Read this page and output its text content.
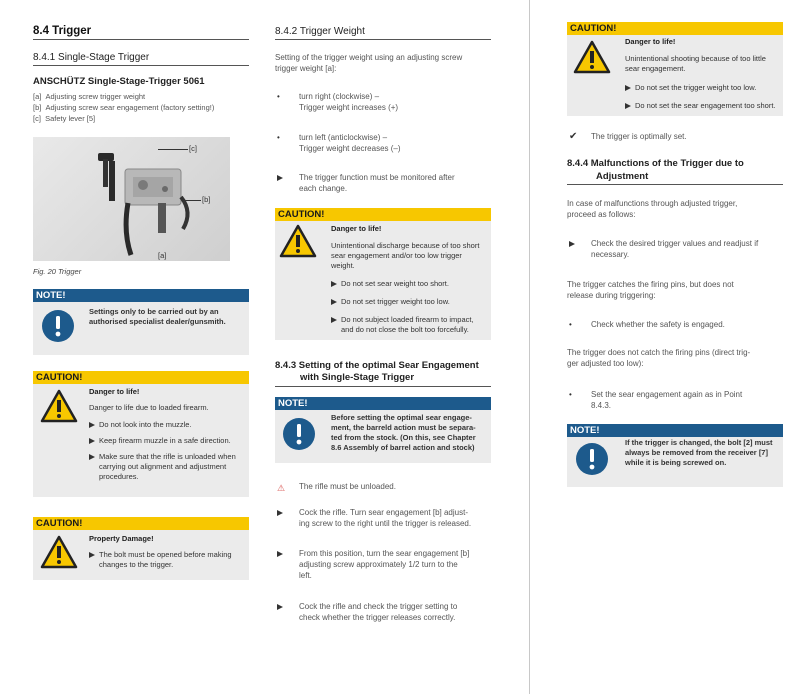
8.4 Trigger
8.4.1 Single-Stage Trigger
ANSCHÜTZ Single-Stage-Trigger 5061
[a] Adjusting screw trigger weight
[b] Adjusting screw sear engagement (factory setting!)
[c] Safety lever [5]
[c]
[b]
[a]
Fig. 20 Trigger
NOTE!
Settings only to be carried out by an
authorised specialist dealer/gunsmith.
CAUTION!
Danger to life!
Danger to life due to loaded firearm.
Do not look into the muzzle.
Keep firearm muzzle in a safe direction.
Make sure that the rifle is unloaded when
carrying out alignment and adjustment
procedures.
CAUTION!
Property Damage!
The bolt must be opened before making
changes to the trigger.
8.4.2 Trigger Weight
Setting of the trigger weight using an adjusting screw
trigger weight [a]:
• turn right (clockwise) –
Trigger weight increases (+)
• turn left (anticlockwise) –
Trigger weight decreases (–)
The trigger function must be monitored after
each change.
CAUTION!
Danger to life!
Unintentional discharge because of too short
sear engagement and/or too low trigger
weight.
Do not set sear weight too short.
Do not set trigger weight too low.
Do not subject loaded firearm to impact,
and do not close the bolt too forcefully.
8.4.3 Setting of the optimal Sear Engagement
with Single-Stage Trigger
NOTE!
Before setting the optimal sear engage-
ment, the barreld action must be separa-
ted from the stock. (On this, see Chapter
8.6 Assembly of barrel action and stock)
⚠ The rifle must be unloaded.
Cock the rifle. Turn sear engagement [b] adjust-
ing screw to the right until the trigger is released.
From this position, turn the sear engagement [b]
adjusting screw approximately 1/2 turn to the
left.
Cock the rifle and check the trigger setting to
check whether the trigger releases correctly.
CAUTION!
Danger to life!
Unintentional shooting because of too little
sear engagement.
Do not set the trigger weight too low.
Do not set the sear engagement too short.
✔ The trigger is optimally set.
8.4.4 Malfunctions of the Trigger due to
Adjustment
In case of malfunctions through adjusted trigger,
proceed as follows:
Check the desired trigger values and readjust if
necessary.
The trigger catches the firing pins, but does not
release during triggering:
• Check whether the safety is engaged.
The trigger does not catch the firing pins (direct trig-
ger adjusted too low):
• Set the sear engagement again as in Point
8.4.3.
NOTE!
If the trigger is changed, the bolt [2] must
always be removed from the receiver [7]
while it is being screwed on.
